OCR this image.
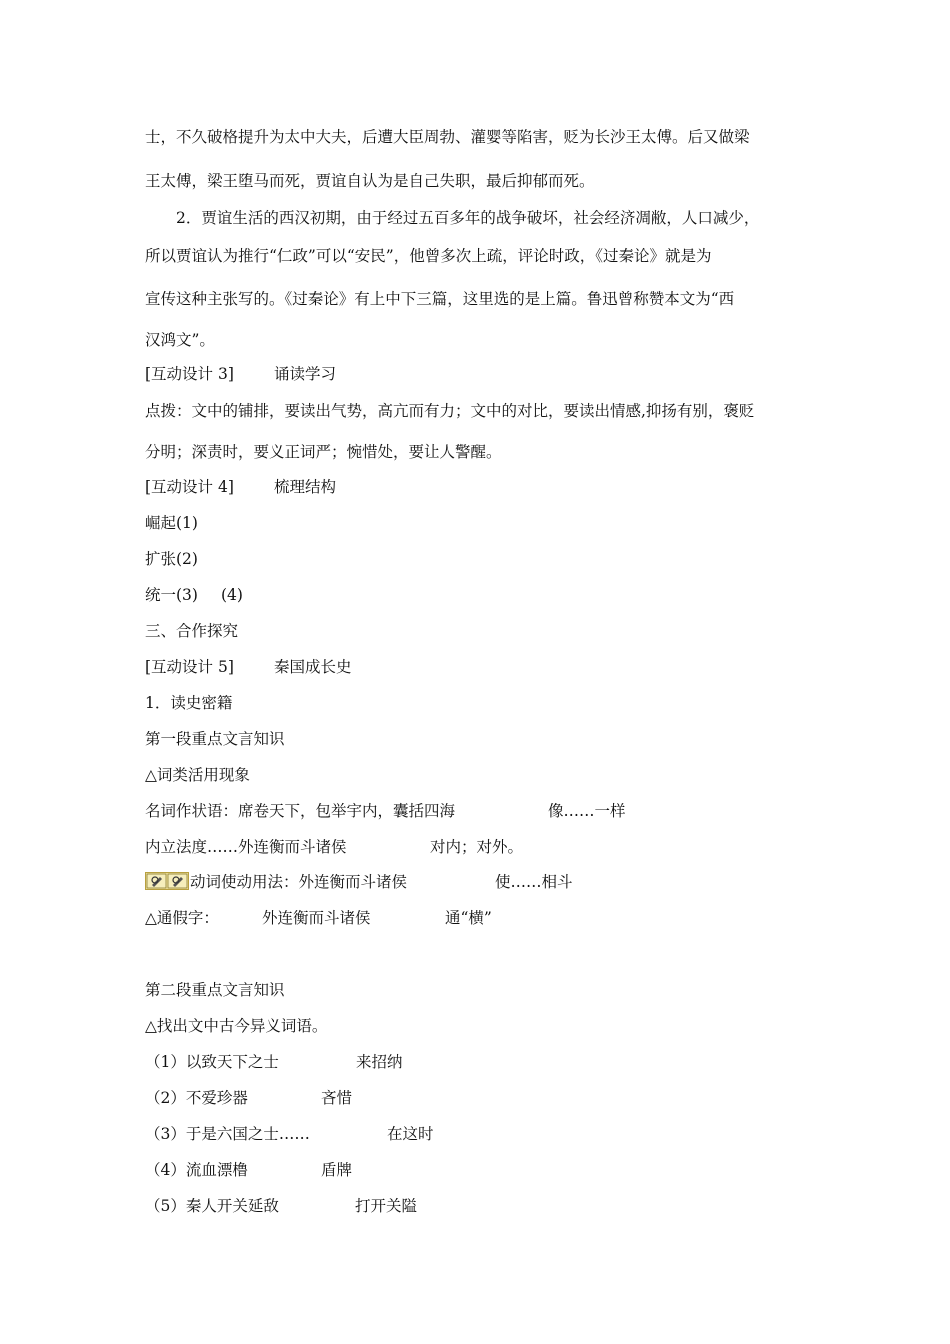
士，不久破格提升为太中大夫，后遭大臣周勃、灌婴等陷害，贬为长沙王太傅。后又做梁
王太傅，梁王堕马而死，贾谊自认为是自己失职，最后抑郁而死。
2．贾谊生活的西汉初期，由于经过五百多年的战争破坏，社会经济凋敝，人口减少，
所以贾谊认为推行“仁政”可以“安民”，他曾多次上疏，评论时政，《过秦论》就是为
宣传这种主张写的。《过秦论》有上中下三篇，这里选的是上篇。鲁迅曾称赞本文为“西
汉鸿文”。
[互动设计 3]	诵读学习
点拨：文中的铺排，要读出气势，高亢而有力；文中的对比，要读出情感,抑扬有别，褒贬
分明；深责时，要义正词严；惋惜处，要让人警醒。
[互动设计 4]	梳理结构
崛起(1)
扩张(2)
统一(3) (4)
三、合作探究
[互动设计 5]	秦国成长史
1．读史密籍
第一段重点文言知识
△词类活用现象
名词作状语：席卷天下，包举宇内，囊括四海	像……一样
内立法度……外连衡而斗诸侯	对内；对外。
动词使动用法：外连衡而斗诸侯	使……相斗
△通假字：	外连衡而斗诸侯	通“横”
第二段重点文言知识
△找出文中古今异义词语。
（1）以致天下之士	来招纳
（2）不爱珍器	吝惜
（3）于是六国之士……	在这时
（4）流血漂橹	盾牌
（5）秦人开关延敌	打开关隘
